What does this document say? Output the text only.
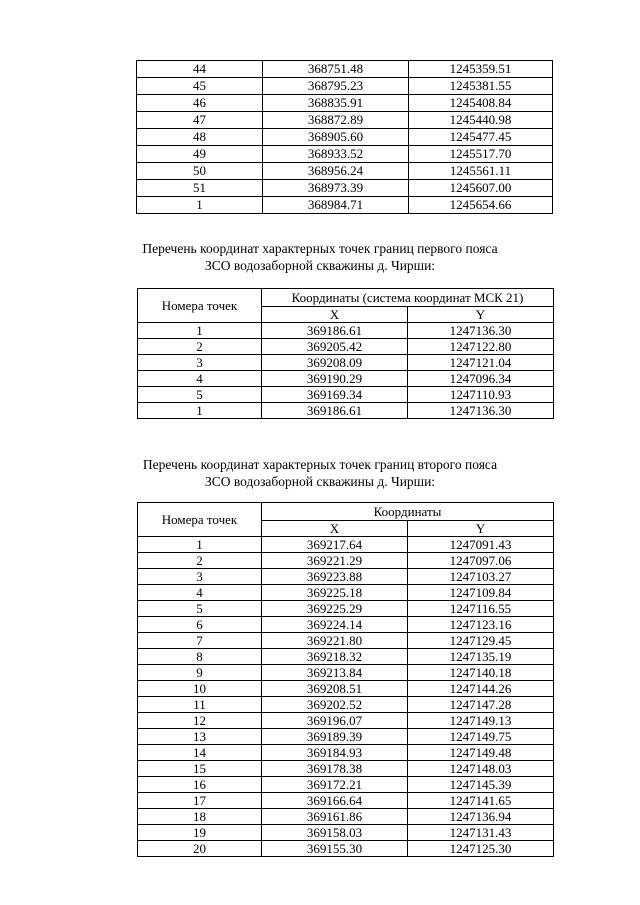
44	368751.48	1245359.51
45	368795.23	1245381.55
46	368835.91	1245408.84
47	368872.89	1245440.98
48	368905.60	1245477.45
49	368933.52	1245517.70
50	368956.24	1245561.11
51	368973.39	1245607.00
1	368984.71	1245654.66
Перечень координат характерных точек границ первого пояса
ЗСО водозаборной скважины д. Чирши:
Номера точек	Координаты (система координат МСК 21)	
	X	Y
1	369186.61	1247136.30
2	369205.42	1247122.80
3	369208.09	1247121.04
4	369190.29	1247096.34
5	369169.34	1247110.93
1	369186.61	1247136.30
Перечень координат характерных точек границ второго пояса
ЗСО водозаборной скважины д. Чирши:
Номера точек	Координаты	
	X	Y
1	369217.64	1247091.43
2	369221.29	1247097.06
3	369223.88	1247103.27
4	369225.18	1247109.84
5	369225.29	1247116.55
6	369224.14	1247123.16
7	369221.80	1247129.45
8	369218.32	1247135.19
9	369213.84	1247140.18
10	369208.51	1247144.26
11	369202.52	1247147.28
12	369196.07	1247149.13
13	369189.39	1247149.75
14	369184.93	1247149.48
15	369178.38	1247148.03
16	369172.21	1247145.39
17	369166.64	1247141.65
18	369161.86	1247136.94
19	369158.03	1247131.43
20	369155.30	1247125.30
